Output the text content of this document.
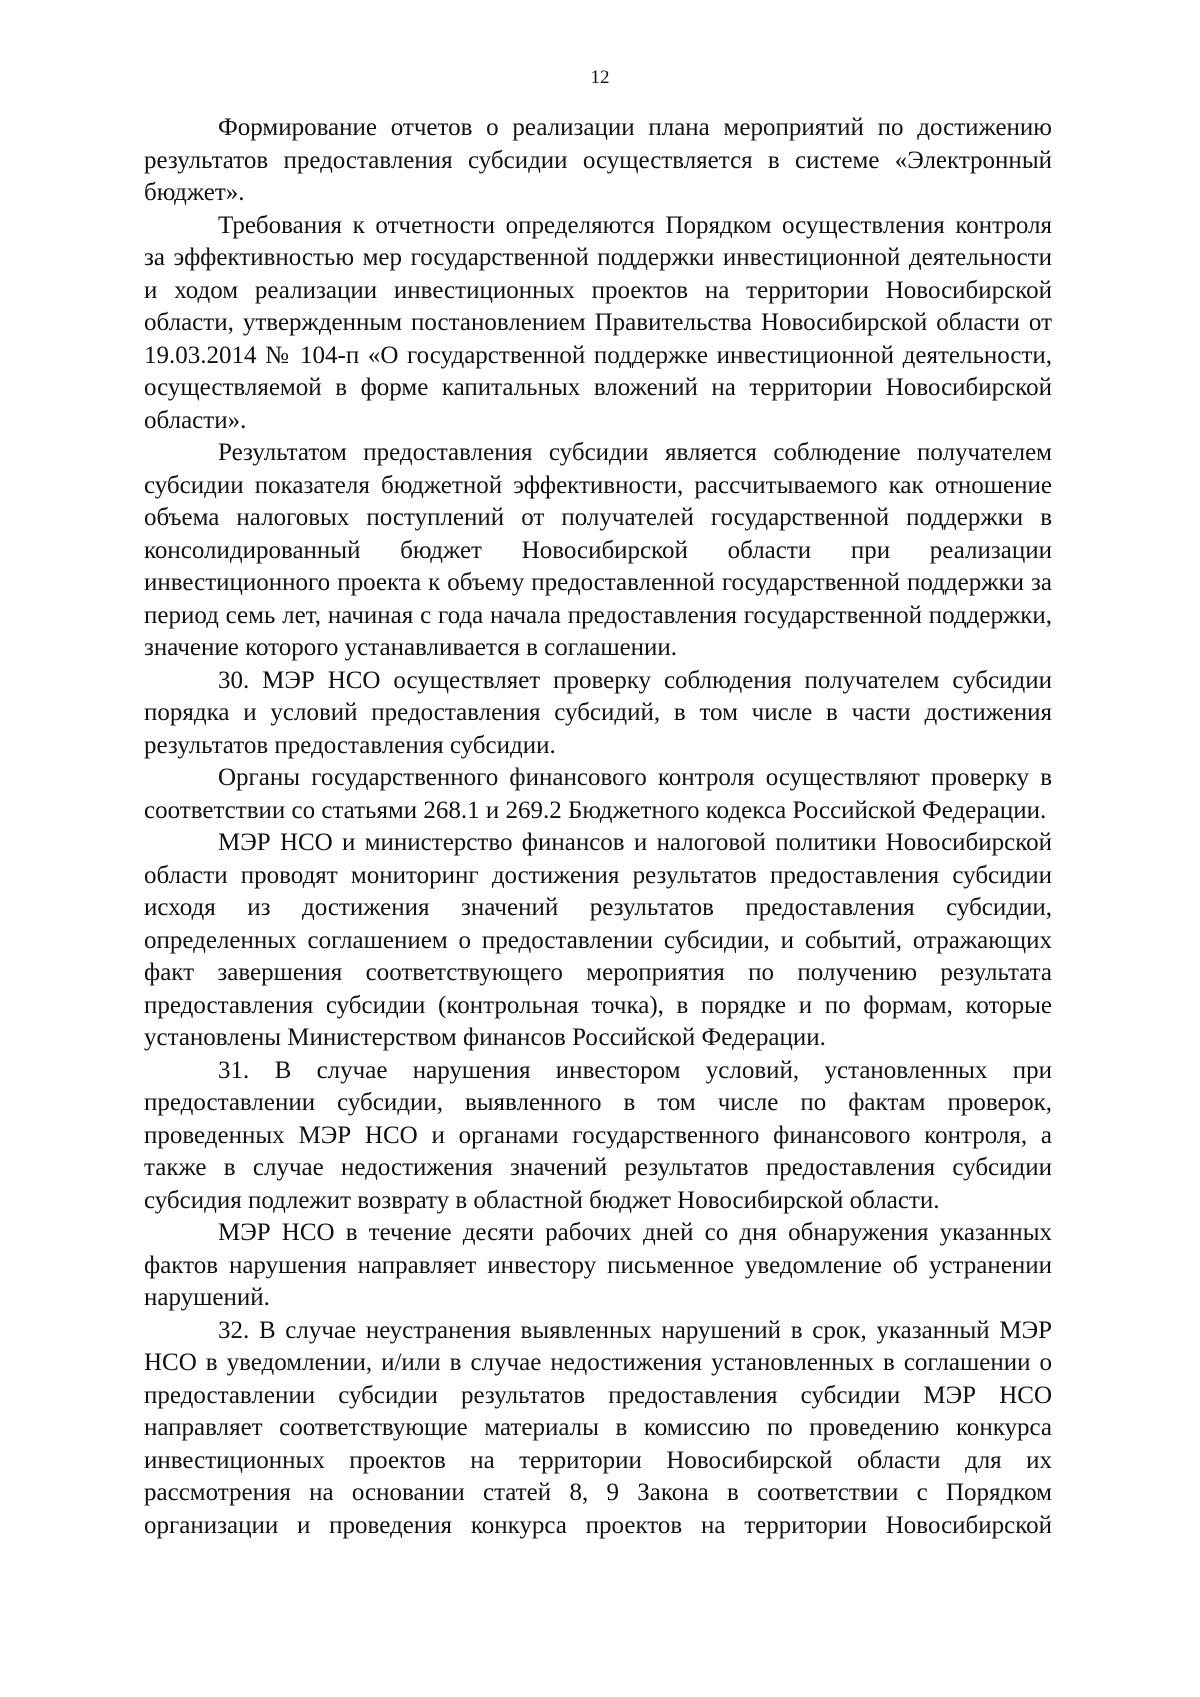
12

Формирование отчетов о реализации плана мероприятий по достижению результатов предоставления субсидии осуществляется в системе «Электронный бюджет».

Требования к отчетности определяются Порядком осуществления контроля за эффективностью мер государственной поддержки инвестиционной деятельности и ходом реализации инвестиционных проектов на территории Новосибирской области, утвержденным постановлением Правительства Новосибирской области от 19.03.2014 № 104-п «О государственной поддержке инвестиционной деятельности, осуществляемой в форме капитальных вложений на территории Новосибирской области».

Результатом предоставления субсидии является соблюдение получателем субсидии показателя бюджетной эффективности, рассчитываемого как отношение объема налоговых поступлений от получателей государственной поддержки в консолидированный бюджет Новосибирской области при реализации инвестиционного проекта к объему предоставленной государственной поддержки за период семь лет, начиная с года начала предоставления государственной поддержки, значение которого устанавливается в соглашении.

30. МЭР НСО осуществляет проверку соблюдения получателем субсидии порядка и условий предоставления субсидий, в том числе в части достижения результатов предоставления субсидии.

Органы государственного финансового контроля осуществляют проверку в соответствии со статьями 268.1 и 269.2 Бюджетного кодекса Российской Федерации.

МЭР НСО и министерство финансов и налоговой политики Новосибирской области проводят мониторинг достижения результатов предоставления субсидии исходя из достижения значений результатов предоставления субсидии, определенных соглашением о предоставлении субсидии, и событий, отражающих факт завершения соответствующего мероприятия по получению результата предоставления субсидии (контрольная точка), в порядке и по формам, которые установлены Министерством финансов Российской Федерации.

31. В случае нарушения инвестором условий, установленных при предоставлении субсидии, выявленного в том числе по фактам проверок, проведенных МЭР НСО и органами государственного финансового контроля, а также в случае недостижения значений результатов предоставления субсидии субсидия подлежит возврату в областной бюджет Новосибирской области.

МЭР НСО в течение десяти рабочих дней со дня обнаружения указанных фактов нарушения направляет инвестору письменное уведомление об устранении нарушений.

32. В случае неустранения выявленных нарушений в срок, указанный МЭР НСО в уведомлении, и/или в случае недостижения установленных в соглашении о предоставлении субсидии результатов предоставления субсидии МЭР НСО направляет соответствующие материалы в комиссию по проведению конкурса инвестиционных проектов на территории Новосибирской области для их рассмотрения на основании статей 8, 9 Закона в соответствии с Порядком организации и проведения конкурса проектов на территории Новосибирской
